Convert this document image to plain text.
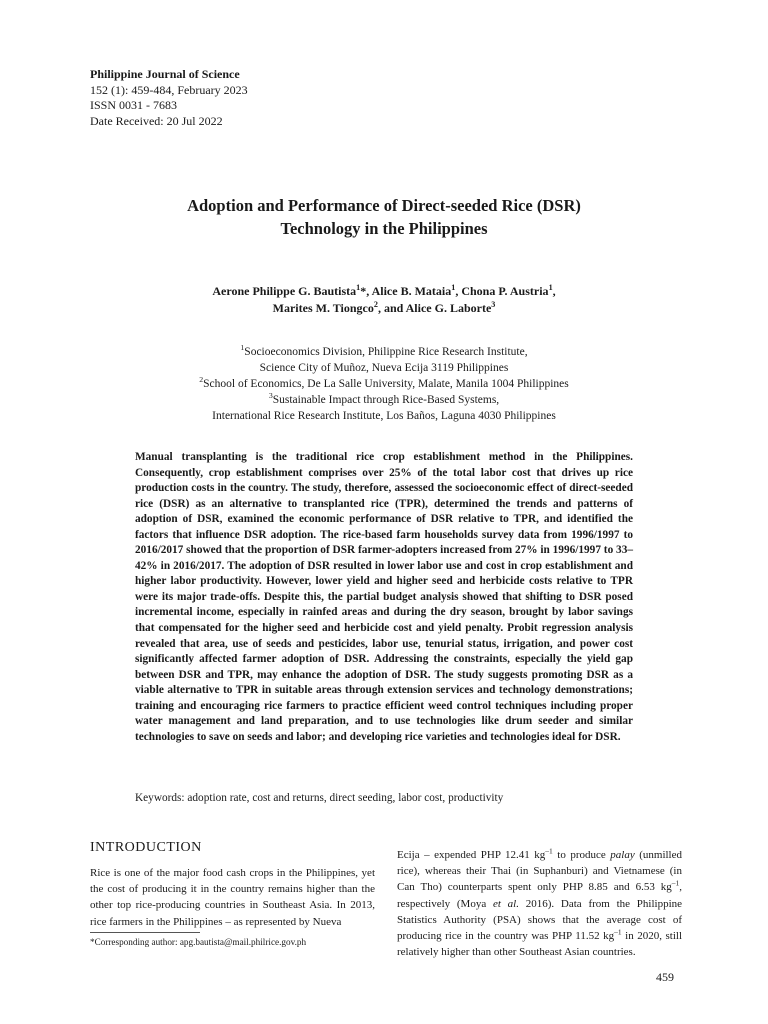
Philippine Journal of Science
152 (1): 459-484, February 2023
ISSN 0031 - 7683
Date Received: 20 Jul 2022
Adoption and Performance of Direct-seeded Rice (DSR)
Technology in the Philippines
Aerone Philippe G. Bautista$^1$*, Alice B. Mataia$^1$, Chona P. Austria$^1$,
Marites M. Tiongco$^2$, and Alice G. Laborte$^3$
$^1$Socioeconomics Division, Philippine Rice Research Institute,
Science City of Muñoz, Nueva Ecija 3119 Philippines
$^2$School of Economics, De La Salle University, Malate, Manila 1004 Philippines
$^3$Sustainable Impact through Rice-Based Systems,
International Rice Research Institute, Los Baños, Laguna 4030 Philippines
Manual transplanting is the traditional rice crop establishment method in the Philippines. Consequently, crop establishment comprises over 25% of the total labor cost that drives up rice production costs in the country. The study, therefore, assessed the socioeconomic effect of direct-seeded rice (DSR) as an alternative to transplanted rice (TPR), determined the trends and patterns of adoption of DSR, examined the economic performance of DSR relative to TPR, and identified the factors that influence DSR adoption. The rice-based farm households survey data from 1996/1997 to 2016/2017 showed that the proportion of DSR farmer-adopters increased from 27% in 1996/1997 to 33–42% in 2016/2017. The adoption of DSR resulted in lower labor use and cost in crop establishment and higher labor productivity. However, lower yield and higher seed and herbicide costs relative to TPR were its major trade-offs. Despite this, the partial budget analysis showed that shifting to DSR posed incremental income, especially in rainfed areas and during the dry season, brought by labor savings that compensated for the higher seed and herbicide cost and yield penalty. Probit regression analysis revealed that area, use of seeds and pesticides, labor use, tenurial status, irrigation, and power cost significantly affected farmer adoption of DSR. Addressing the constraints, especially the yield gap between DSR and TPR, may enhance the adoption of DSR. The study suggests promoting DSR as a viable alternative to TPR in suitable areas through extension services and technology demonstrations; training and encouraging rice farmers to practice efficient weed control techniques including proper water management and land preparation, and to use technologies like drum seeder and similar technologies to save on seeds and labor; and developing rice varieties and technologies ideal for DSR.
Keywords: adoption rate, cost and returns, direct seeding, labor cost, productivity
INTRODUCTION
Rice is one of the major food cash crops in the Philippines, yet the cost of producing it in the country remains higher than the other top rice-producing countries in Southeast Asia. In 2013, rice farmers in the Philippines – as represented by Nueva
Ecija – expended PHP 12.41 $kg^{-1}$ to produce palay (unmilled rice), whereas their Thai (in Suphanburi) and Vietnamese (in Can Tho) counterparts spent only PHP 8.85 and 6.53 $kg^{-1}$, respectively (Moya et al. 2016). Data from the Philippine Statistics Authority (PSA) shows that the average cost of producing rice in the country was PHP 11.52 $kg^{-1}$ in 2020, still relatively higher than other Southeast Asian countries.
*Corresponding author: apg.bautista@mail.philrice.gov.ph
459
